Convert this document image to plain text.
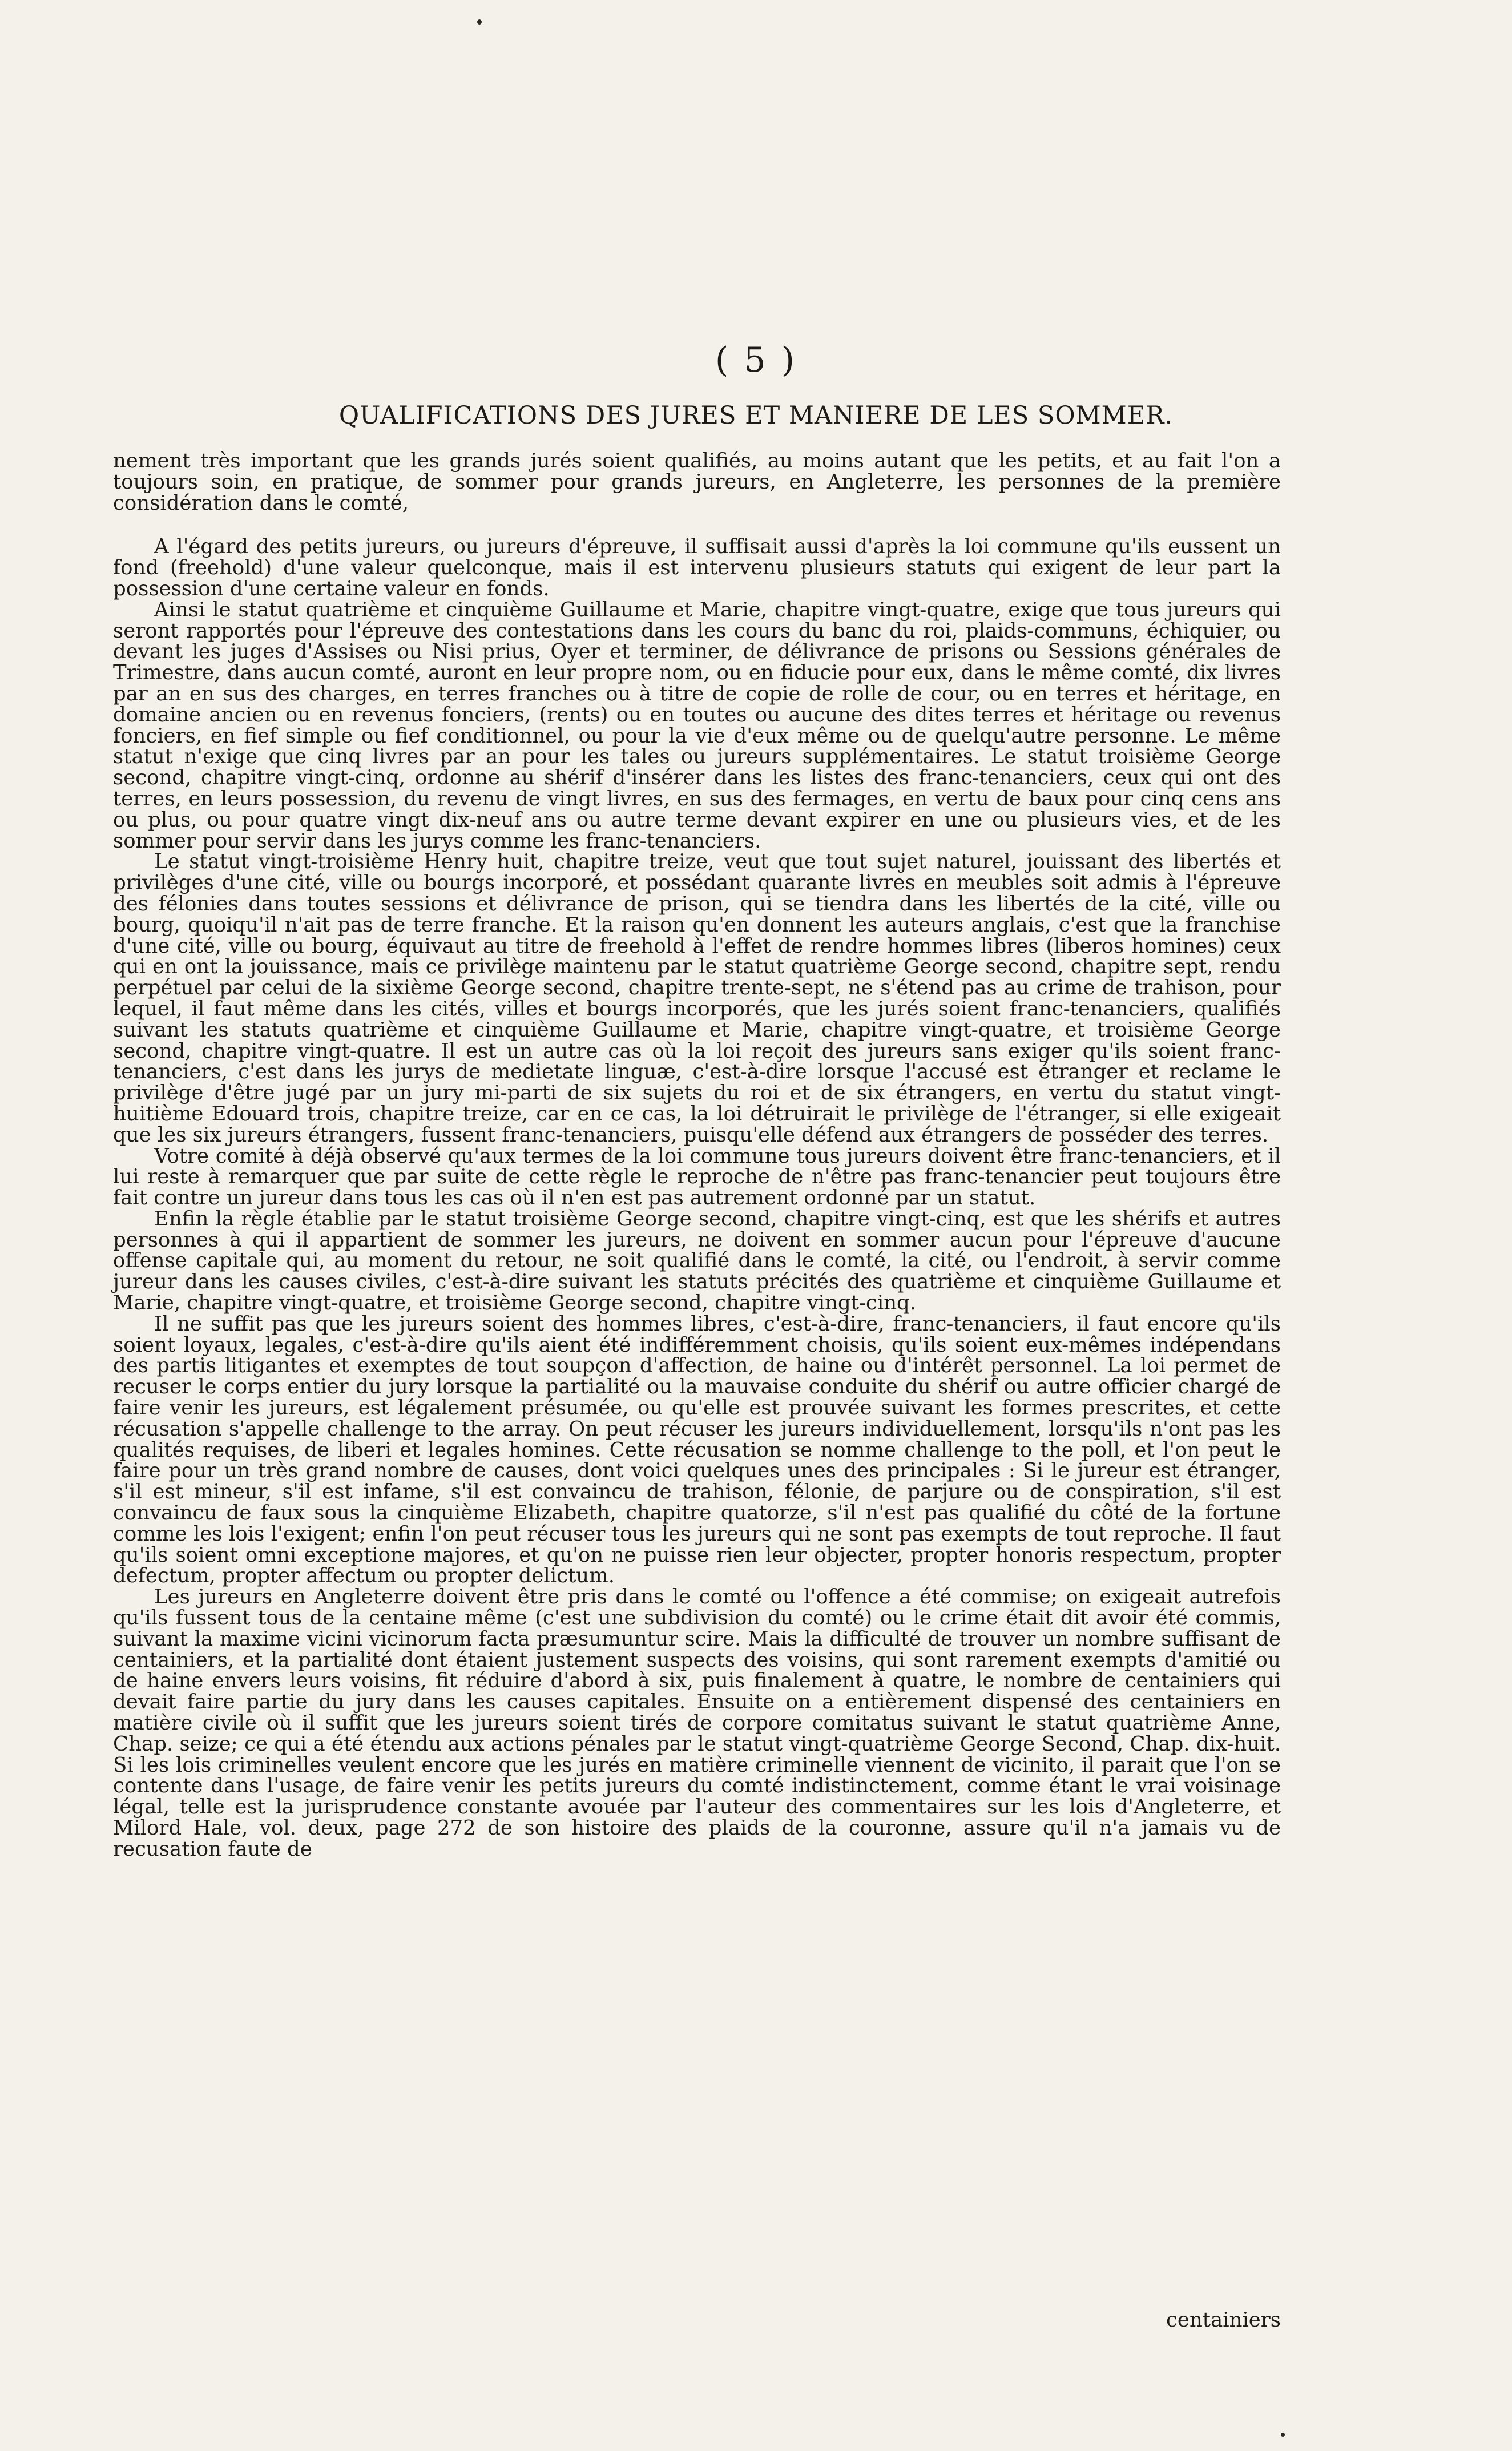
( 5 )
QUALIFICATIONS DES JURES ET MANIERE DE LES SOMMER.

nement très important que les grands jurés soient qualifiés, au moins autant que les petits, et au fait l'on a toujours soin, en pratique, de sommer pour grands jureurs, en Angleterre, les personnes de la première considération dans le comté,

A l'égard des petits jureurs, ou jureurs d'épreuve, il suffisait aussi d'après la loi commune qu'ils eussent un fond (freehold) d'une valeur quelconque, mais il est intervenu plusieurs statuts qui exigent de leur part la possession d'une certaine valeur en fonds.

Ainsi le statut quatrième et cinquième Guillaume et Marie, chapitre vingt-quatre, exige que tous jureurs qui seront rapportés pour l'épreuve des contestations dans les cours du banc du roi, plaids-communs, échiquier, ou devant les juges d'Assises ou Nisi prius, Oyer et terminer, de délivrance de prisons ou Sessions générales de Trimestre, dans aucun comté, auront en leur propre nom, ou en fiducie pour eux, dans le même comté, dix livres par an en sus des charges, en terres franches ou à titre de copie de rolle de cour, ou en terres et héritage, en domaine ancien ou en revenus fonciers, (rents) ou en toutes ou aucune des dites terres et héritage ou revenus fonciers, en fief simple ou fief conditionnel, ou pour la vie d'eux même ou de quelqu'autre personne. Le même statut n'exige que cinq livres par an pour les tales ou jureurs supplémentaires. Le statut troisième George second, chapitre vingt-cinq, ordonne au shérif d'insérer dans les listes des franc-tenanciers, ceux qui ont des terres, en leurs possession, du revenu de vingt livres, en sus des fermages, en vertu de baux pour cinq cens ans ou plus, ou pour quatre vingt dix-neuf ans ou autre terme devant expirer en une ou plusieurs vies, et de les sommer pour servir dans les jurys comme les franc-tenanciers.

Le statut vingt-troisième Henry huit, chapitre treize, veut que tout sujet naturel, jouissant des libertés et privilèges d'une cité, ville ou bourgs incorporé, et possédant quarante livres en meubles soit admis à l'épreuve des félonies dans toutes sessions et délivrance de prison, qui se tiendra dans les libertés de la cité, ville ou bourg, quoiqu'il n'ait pas de terre franche. Et la raison qu'en donnent les auteurs anglais, c'est que la franchise d'une cité, ville ou bourg, équivaut au titre de freehold à l'effet de rendre hommes libres (liberos homines) ceux qui en ont la jouissance, mais ce privilège maintenu par le statut quatrième George second, chapitre sept, rendu perpétuel par celui de la sixième George second, chapitre trente-sept, ne s'étend pas au crime de trahison, pour lequel, il faut même dans les cités, villes et bourgs incorporés, que les jurés soient franc-tenanciers, qualifiés suivant les statuts quatrième et cinquième Guillaume et Marie, chapitre vingt-quatre, et troisième George second, chapitre vingt-quatre. Il est un autre cas où la loi reçoit des jureurs sans exiger qu'ils soient franc-tenanciers, c'est dans les jurys de medietate linguæ, c'est-à-dire lorsque l'accusé est étranger et reclame le privilège d'être jugé par un jury mi-parti de six sujets du roi et de six étrangers, en vertu du statut vingt-huitième Edouard trois, chapitre treize, car en ce cas, la loi détruirait le privilège de l'étranger, si elle exigeait que les six jureurs étrangers, fussent franc-tenanciers, puisqu'elle défend aux étrangers de posséder des terres.

Votre comité à déjà observé qu'aux termes de la loi commune tous jureurs doivent être franc-tenanciers, et il lui reste à remarquer que par suite de cette règle le reproche de n'être pas franc-tenancier peut toujours être fait contre un jureur dans tous les cas où il n'en est pas autrement ordonné par un statut.

Enfin la règle établie par le statut troisième George second, chapitre vingt-cinq, est que les shérifs et autres personnes à qui il appartient de sommer les jureurs, ne doivent en sommer aucun pour l'épreuve d'aucune offense capitale qui, au moment du retour, ne soit qualifié dans le comté, la cité, ou l'endroit, à servir comme jureur dans les causes civiles, c'est-à-dire suivant les statuts précités des quatrième et cinquième Guillaume et Marie, chapitre vingt-quatre, et troisième George second, chapitre vingt-cinq.

Il ne suffit pas que les jureurs soient des hommes libres, c'est-à-dire, franc-tenanciers, il faut encore qu'ils soient loyaux, legales, c'est-à-dire qu'ils aient été indifféremment choisis, qu'ils soient eux-mêmes indépendans des partis litigantes et exemptes de tout soupçon d'affection, de haine ou d'intérêt personnel. La loi permet de recuser le corps entier du jury lorsque la partialité ou la mauvaise conduite du shérif ou autre officier chargé de faire venir les jureurs, est légalement présumée, ou qu'elle est prouvée suivant les formes prescrites, et cette récusation s'appelle challenge to the array. On peut récuser les jureurs individuellement, lorsqu'ils n'ont pas les qualités requises, de liberi et legales homines. Cette récusation se nomme challenge to the poll, et l'on peut le faire pour un très grand nombre de causes, dont voici quelques unes des principales : Si le jureur est étranger, s'il est mineur, s'il est infame, s'il est convaincu de trahison, félonie, de parjure ou de conspiration, s'il est convaincu de faux sous la cinquième Elizabeth, chapitre quatorze, s'il n'est pas qualifié du côté de la fortune comme les lois l'exigent; enfin l'on peut récuser tous les jureurs qui ne sont pas exempts de tout reproche. Il faut qu'ils soient omni exceptione majores, et qu'on ne puisse rien leur objecter, propter honoris respectum, propter defectum, propter affectum ou propter delictum.

Les jureurs en Angleterre doivent être pris dans le comté ou l'offence a été commise; on exigeait autrefois qu'ils fussent tous de la centaine même (c'est une subdivision du comté) ou le crime était dit avoir été commis, suivant la maxime vicini vicinorum facta præsumuntur scire. Mais la difficulté de trouver un nombre suffisant de centainiers, et la partialité dont étaient justement suspects des voisins, qui sont rarement exempts d'amitié ou de haine envers leurs voisins, fit réduire d'abord à six, puis finalement à quatre, le nombre de centainiers qui devait faire partie du jury dans les causes capitales. Ensuite on a entièrement dispensé des centainiers en matière civile où il suffit que les jureurs soient tirés de corpore comitatus suivant le statut quatrième Anne, Chap. seize; ce qui a été étendu aux actions pénales par le statut vingt-quatrième George Second, Chap. dix-huit. Si les lois criminelles veulent encore que les jurés en matière criminelle viennent de vicinito, il parait que l'on se contente dans l'usage, de faire venir les petits jureurs du comté indistinctement, comme étant le vrai voisinage légal, telle est la jurisprudence constante avouée par l'auteur des commentaires sur les lois d'Angleterre, et Milord Hale, vol. deux, page 272 de son histoire des plaids de la couronne, assure qu'il n'a jamais vu de recusation faute de

centainiers
